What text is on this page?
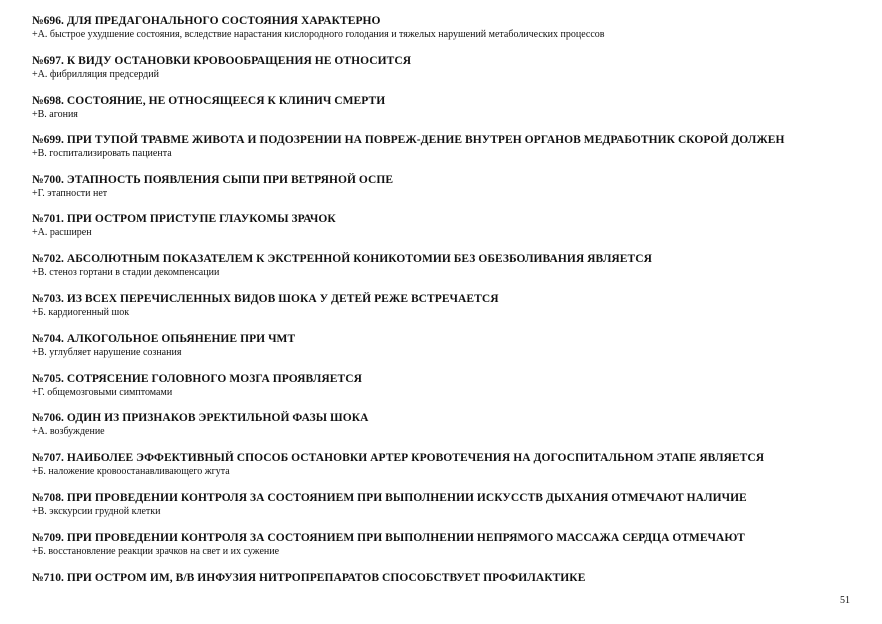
№696. ДЛЯ ПРЕДАГОНАЛЬНОГО СОСТОЯНИЯ ХАРАКТЕРНО
+А. быстрое ухудшение состояния, вследствие нарастания кислородного голодания и тяжелых нарушений метаболических процессов
№697. К ВИДУ ОСТАНОВКИ КРОВООБРАЩЕНИЯ НЕ ОТНОСИТСЯ
+А. фибрилляция предсердий
№698. СОСТОЯНИЕ, НЕ ОТНОСЯЩЕЕСЯ К КЛИНИЧ СМЕРТИ
+В. агония
№699. ПРИ ТУПОЙ ТРАВМЕ ЖИВОТА И ПОДОЗРЕНИИ НА ПОВРЕЖ-ДЕНИЕ ВНУТРЕН ОРГАНОВ МЕДРАБОТНИК СКОРОЙ ДОЛЖЕН
+В. госпитализировать пациента
№700. ЭТАПНОСТЬ ПОЯВЛЕНИЯ СЫПИ ПРИ ВЕТРЯНОЙ ОСПЕ
+Г. этапности нет
№701. ПРИ ОСТРОМ ПРИСТУПЕ ГЛАУКОМЫ ЗРАЧОК
+А. расширен
№702. АБСОЛЮТНЫМ ПОКАЗАТЕЛЕМ К ЭКСТРЕННОЙ КОНИКОТОМИИ БЕЗ ОБЕЗБОЛИВАНИЯ ЯВЛЯЕТСЯ
+В. стеноз гортани в стадии декомпенсации
№703. ИЗ ВСЕХ ПЕРЕЧИСЛЕННЫХ ВИДОВ ШОКА У ДЕТЕЙ РЕЖЕ ВСТРЕЧАЕТСЯ
+Б. кардиогенный шок
№704. АЛКОГОЛЬНОЕ ОПЬЯНЕНИЕ ПРИ ЧМТ
+В. углубляет нарушение сознания
№705. СОТРЯСЕНИЕ ГОЛОВНОГО МОЗГА ПРОЯВЛЯЕТСЯ
+Г. общемозговыми симптомами
№706. ОДИН ИЗ ПРИЗНАКОВ ЭРЕКТИЛЬНОЙ ФАЗЫ ШОКА
+А. возбуждение
№707. НАИБОЛЕЕ ЭФФЕКТИВНЫЙ СПОСОБ ОСТАНОВКИ АРТЕР КРОВОТЕЧЕНИЯ НА ДОГОСПИТАЛЬНОМ ЭТАПЕ ЯВЛЯЕТСЯ
+Б. наложение кровоостанавливающего жгута
№708. ПРИ ПРОВЕДЕНИИ КОНТРОЛЯ ЗА СОСТОЯНИЕМ ПРИ ВЫПОЛНЕНИИ ИСКУССТВ ДЫХАНИЯ ОТМЕЧАЮТ НАЛИЧИЕ
+В. экскурсии грудной клетки
№709. ПРИ ПРОВЕДЕНИИ КОНТРОЛЯ ЗА СОСТОЯНИЕМ ПРИ ВЫПОЛНЕНИИ НЕПРЯМОГО МАССАЖА СЕРДЦА ОТМЕЧАЮТ
+Б. восстановление реакции зрачков на свет и их сужение
№710. ПРИ ОСТРОМ ИМ, В/В ИНФУЗИЯ НИТРОПРЕПАРАТОВ СПОСОБСТВУЕТ ПРОФИЛАКТИКЕ
51
